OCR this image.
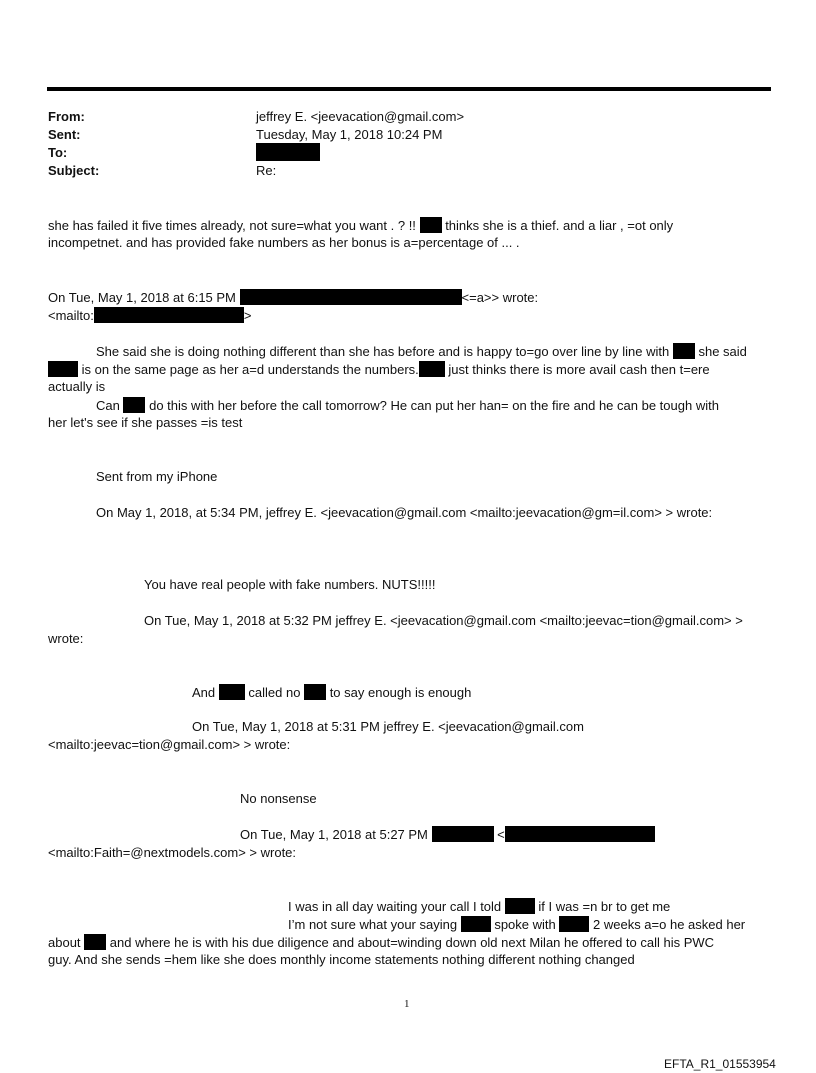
From:	jeffrey E. <jeevacation@gmail.com>
Sent:	Tuesday, May 1, 2018 10:24 PM
To:
Subject:	Re:
she has failed it five times already, not sure=what you want . ? !! thinks she is a thief. and a liar , =ot only
incompetnet. and has provided fake numbers as her bonus is a=percentage of ... .
On Tue, May 1, 2018 at 6:15 PM	<=a>> wrote:
<mailto:	>
She said she is doing nothing different than she has before and is happy to=go over line by line with she said
is on the same page as her a=d understands the numbers. just thinks there is more avail cash then t=ere
actually is
Can do this with her before the call tomorrow? He can put her han= on the fire and he can be tough with
her let's see if she passes =is test
Sent from my iPhone
On May 1, 2018, at 5:34 PM, jeffrey E. <jeevacation@gmail.com <mailto:jeevacation@gm=il.com> > wrote:
You have real people with fake numbers. NUTS!!!!!
On Tue, May 1, 2018 at 5:32 PM jeffrey E. <jeevacation@gmail.com <mailto:jeevac=tion@gmail.com> >
wrote:
And	called no to say enough is enough
On Tue, May 1, 2018 at 5:31 PM jeffrey E. <jeevacation@gmail.com
<mailto:jeevac=tion@gmail.com> > wrote:
No nonsense
On Tue, May 1, 2018 at 5:27 PM	<
<mailto:Faith=@nextmodels.com> > wrote:
I was in all day waiting your call I told	if I was =n br to get me
I’m not sure what your saying	spoke with	2 weeks a=o he asked her
about and where he is with his due diligence and about=winding down old next Milan he offered to call his PWC
guy. And she sends =hem like she does monthly income statements nothing different nothing changed
1
EFTA_R1_01553954
